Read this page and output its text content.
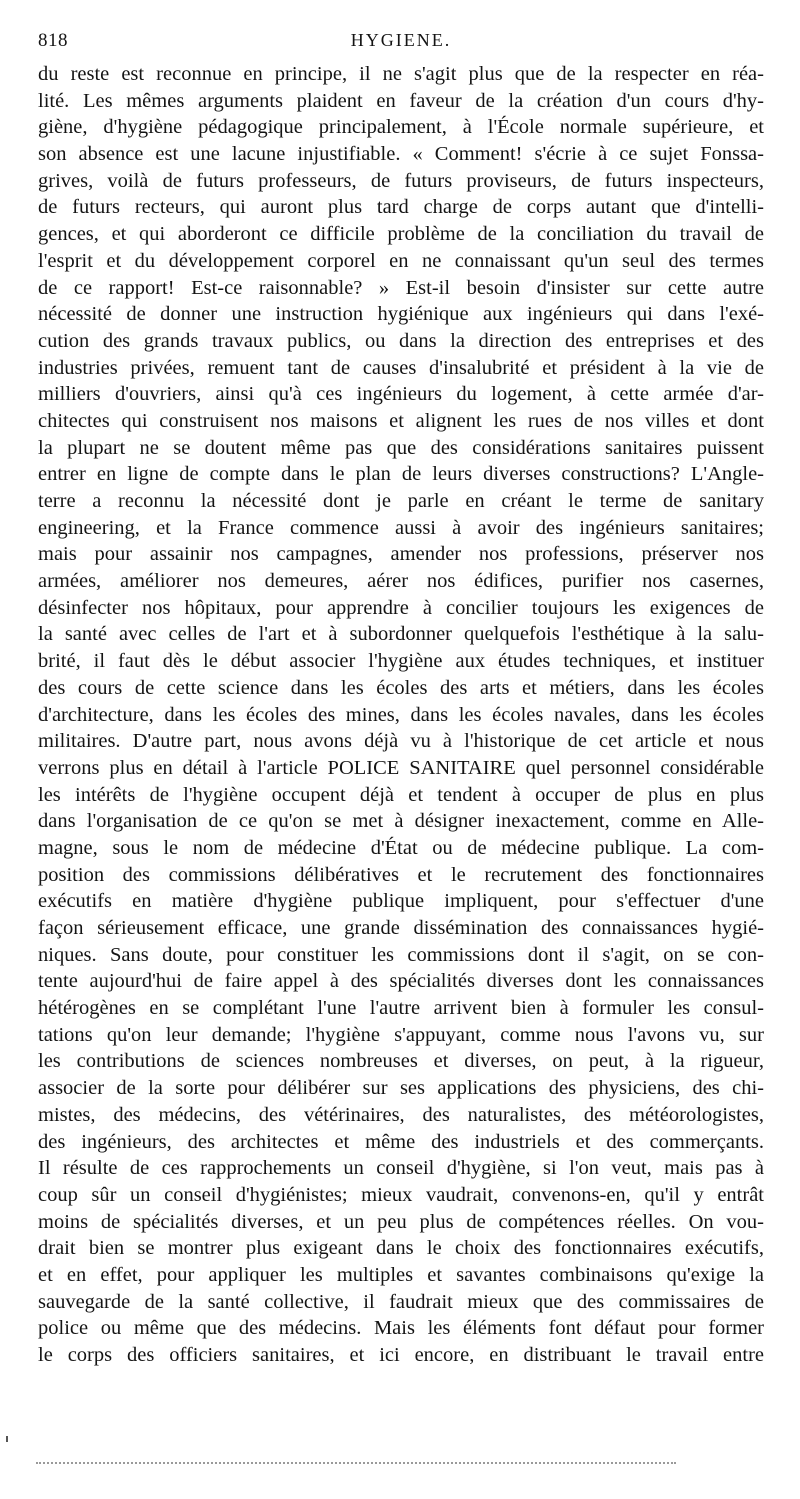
818	HYGIENE.
du reste est reconnue en principe, il ne s'agit plus que de la respecter en réa-
lité. Les mêmes arguments plaident en faveur de la création d'un cours d'hy-
giène, d'hygiène pédagogique principalement, à l'École normale supérieure, et
son absence est une lacune injustifiable. « Comment! s'écrie à ce sujet Fonssa-
grives, voilà de futurs professeurs, de futurs proviseurs, de futurs inspecteurs,
de futurs recteurs, qui auront plus tard charge de corps autant que d'intelli-
gences, et qui aborderont ce difficile problème de la conciliation du travail de
l'esprit et du développement corporel en ne connaissant qu'un seul des termes
de ce rapport! Est-ce raisonnable? » Est-il besoin d'insister sur cette autre
nécessité de donner une instruction hygiénique aux ingénieurs qui dans l'exé-
cution des grands travaux publics, ou dans la direction des entreprises et des
industries privées, remuent tant de causes d'insalubrité et président à la vie de
milliers d'ouvriers, ainsi qu'à ces ingénieurs du logement, à cette armée d'ar-
chitectes qui construisent nos maisons et alignent les rues de nos villes et dont
la plupart ne se doutent même pas que des considérations sanitaires puissent
entrer en ligne de compte dans le plan de leurs diverses constructions? L'Angle-
terre a reconnu la nécessité dont je parle en créant le terme de sanitary
engineering, et la France commence aussi à avoir des ingénieurs sanitaires;
mais pour assainir nos campagnes, amender nos professions, préserver nos
armées, améliorer nos demeures, aérer nos édifices, purifier nos casernes,
désinfecter nos hôpitaux, pour apprendre à concilier toujours les exigences de
la santé avec celles de l'art et à subordonner quelquefois l'esthétique à la salu-
brité, il faut dès le début associer l'hygiène aux études techniques, et instituer
des cours de cette science dans les écoles des arts et métiers, dans les écoles
d'architecture, dans les écoles des mines, dans les écoles navales, dans les écoles
militaires. D'autre part, nous avons déjà vu à l'historique de cet article et nous
verrons plus en détail à l'article POLICE SANITAIRE quel personnel considérable
les intérêts de l'hygiène occupent déjà et tendent à occuper de plus en plus
dans l'organisation de ce qu'on se met à désigner inexactement, comme en Alle-
magne, sous le nom de médecine d'État ou de médecine publique. La com-
position des commissions délibératives et le recrutement des fonctionnaires
exécutifs en matière d'hygiène publique impliquent, pour s'effectuer d'une
façon sérieusement efficace, une grande dissémination des connaissances hygié-
niques. Sans doute, pour constituer les commissions dont il s'agit, on se con-
tente aujourd'hui de faire appel à des spécialités diverses dont les connaissances
hétérogènes en se complétant l'une l'autre arrivent bien à formuler les consul-
tations qu'on leur demande; l'hygiène s'appuyant, comme nous l'avons vu, sur
les contributions de sciences nombreuses et diverses, on peut, à la rigueur,
associer de la sorte pour délibérer sur ses applications des physiciens, des chi-
mistes, des médecins, des vétérinaires, des naturalistes, des météorologistes,
des ingénieurs, des architectes et même des industriels et des commerçants.
Il résulte de ces rapprochements un conseil d'hygiène, si l'on veut, mais pas à
coup sûr un conseil d'hygiénistes; mieux vaudrait, convenons-en, qu'il y entrât
moins de spécialités diverses, et un peu plus de compétences réelles. On vou-
drait bien se montrer plus exigeant dans le choix des fonctionnaires exécutifs,
et en effet, pour appliquer les multiples et savantes combinaisons qu'exige la
sauvegarde de la santé collective, il faudrait mieux que des commissaires de
police ou même que des médecins. Mais les éléments font défaut pour former
le corps des officiers sanitaires, et ici encore, en distribuant le travail entre
